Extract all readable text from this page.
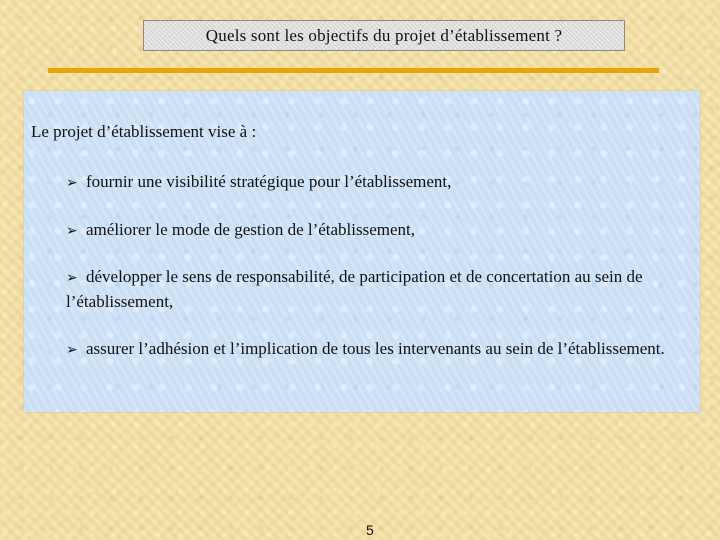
Quels sont les objectifs du projet d’établissement ?
Le projet d’établissement vise à :
➢ fournir une visibilité stratégique pour l’établissement,
➢ améliorer le mode de gestion de l’établissement,
➢ développer le sens de responsabilité, de participation et de concertation au sein de l’établissement,
➢ assurer l’adhésion et l’implication de tous les intervenants au sein de l’établissement.
5
